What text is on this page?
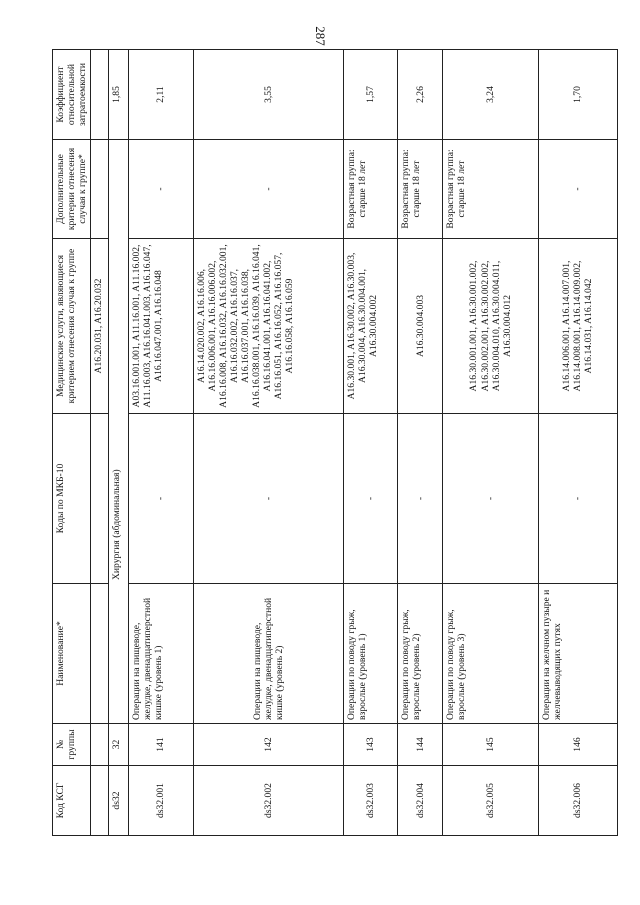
287
Код КСГ	№ группы	Наименование*	Коды по МКБ-10	Медицинские услуги, являющиеся критерием отнесения случая к группе	Дополнительные критерии отнесения случая к группе*	Коэффициент относительной затратоемкости
				A16.20.031, A16.20.032		
ds32	32	Хирургия (абдоминальная)				1,85
ds32.001	141	Операции на пищеводе, желудке, двенадцатиперстной кишке (уровень 1)	-	A03.16.001.001, A11.16.001, A11.16.002, A11.16.003, A16.16.041.003, A16.16.047, A16.16.047.001, A16.16.048	-	2,11
ds32.002	142	Операции на пищеводе, желудке, двенадцатиперстной кишке (уровень 2)	-	A16.14.020.002, A16.16.006, A16.16.006.001, A16.16.006.002, A16.16.008, A16.16.032, A16.16.032.001, A16.16.032.002, A16.16.037, A16.16.037.001, A16.16.038, A16.16.038.001, A16.16.039, A16.16.041, A16.16.041.001, A16.16.041.002, A16.16.051, A16.16.052, A16.16.057, A16.16.058, A16.16.059	-	3,55
ds32.003	143	Операции по поводу грыж, взрослые (уровень 1)	-	A16.30.001, A16.30.002, A16.30.003, A16.30.004, A16.30.004.001, A16.30.004.002	Возрастная группа: старше 18 лет	1,57
ds32.004	144	Операции по поводу грыж, взрослые (уровень 2)	-	A16.30.004.003	Возрастная группа: старше 18 лет	2,26
ds32.005	145	Операции по поводу грыж, взрослые (уровень 3)	-	A16.30.001.001, A16.30.001.002, A16.30.002.001, A16.30.002.002, A16.30.004.010, A16.30.004.011, A16.30.004.012	Возрастная группа: старше 18 лет	3,24
ds32.006	146	Операции на желчном пузыре и желчевыводящих путях	-	A16.14.006.001, A16.14.007.001, A16.14.008.001, A16.14.009.002, A16.14.031, A16.14.042	-	1,70
